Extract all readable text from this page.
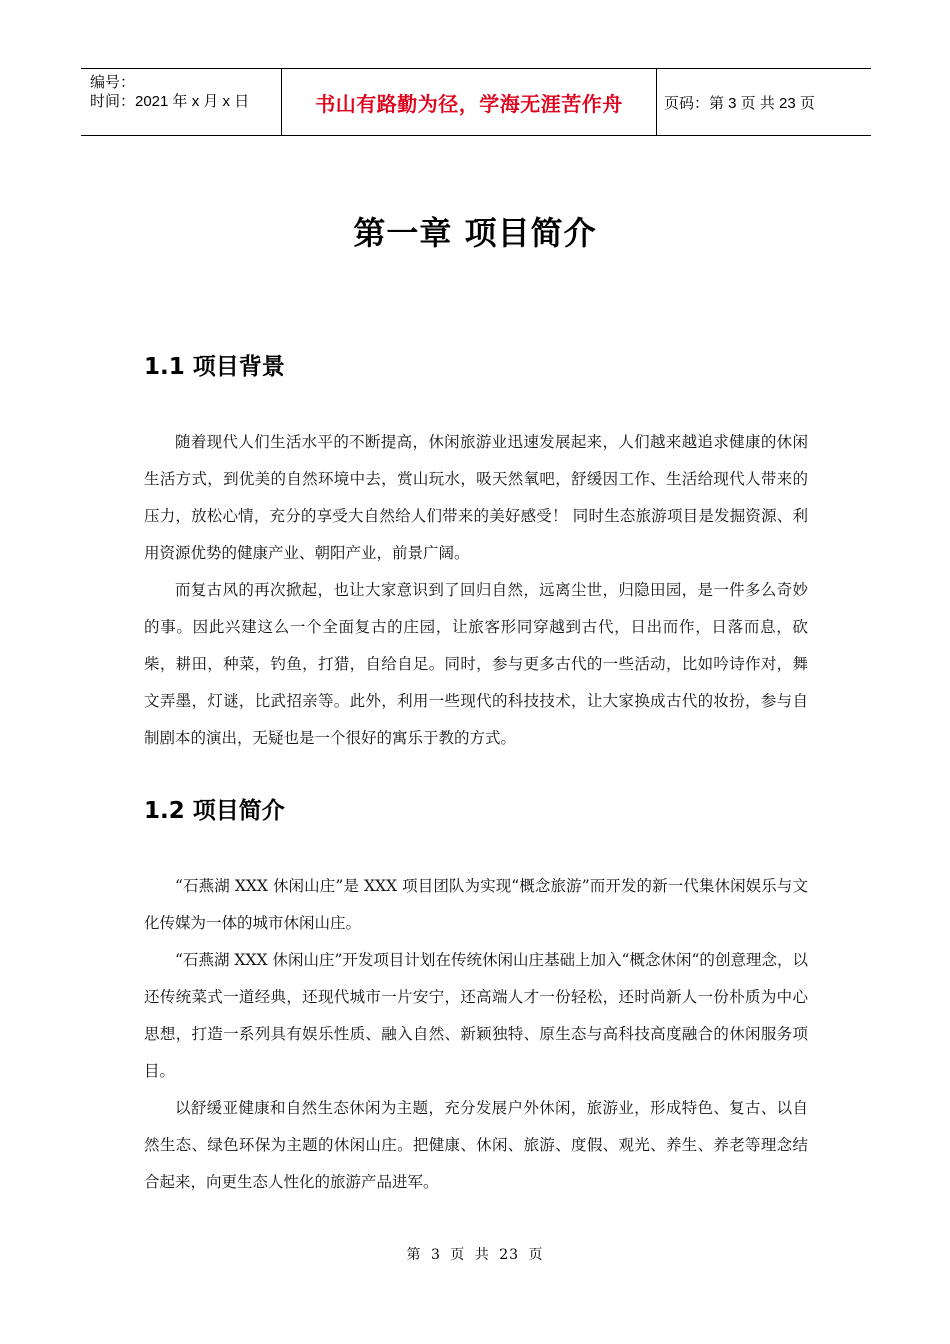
编号：
时间：2021 年 x 月 x 日	书山有路勤为径，学海无涯苦作舟	页码：第 3 页 共 23 页
第一章 项目简介
1.1 项目背景

随着现代人们生活水平的不断提高，休闲旅游业迅速发展起来，人们越来越追求健康的休闲生活方式，到优美的自然环境中去，赏山玩水，吸天然氧吧，舒缓因工作、生活给现代人带来的压力，放松心情，充分的享受大自然给人们带来的美好感受！ 同时生态旅游项目是发掘资源、利用资源优势的健康产业、朝阳产业，前景广阔。

而复古风的再次掀起，也让大家意识到了回归自然，远离尘世，归隐田园，是一件多么奇妙的事。因此兴建这么一个全面复古的庄园，让旅客形同穿越到古代，日出而作，日落而息，砍柴，耕田，种菜，钓鱼，打猎，自给自足。同时，参与更多古代的一些活动，比如吟诗作对，舞文弄墨，灯谜，比武招亲等。此外，利用一些现代的科技技术，让大家换成古代的妆扮，参与自制剧本的演出，无疑也是一个很好的寓乐于教的方式。

1.2 项目简介

“石燕湖 XXX 休闲山庄”是 XXX 项目团队为实现“概念旅游”而开发的新一代集休闲娱乐与文化传媒为一体的城市休闲山庄。

“石燕湖 XXX 休闲山庄”开发项目计划在传统休闲山庄基础上加入“概念休闲“的创意理念，以还传统菜式一道经典，还现代城市一片安宁，还高端人才一份轻松，还时尚新人一份朴质为中心思想，打造一系列具有娱乐性质、融入自然、新颖独特、原生态与高科技高度融合的休闲服务项目。

以舒缓亚健康和自然生态休闲为主题，充分发展户外休闲，旅游业，形成特色、复古、以自然生态、绿色环保为主题的休闲山庄。把健康、休闲、旅游、度假、观光、养生、养老等理念结合起来，向更生态人性化的旅游产品进军。

第 3 页 共 23 页
